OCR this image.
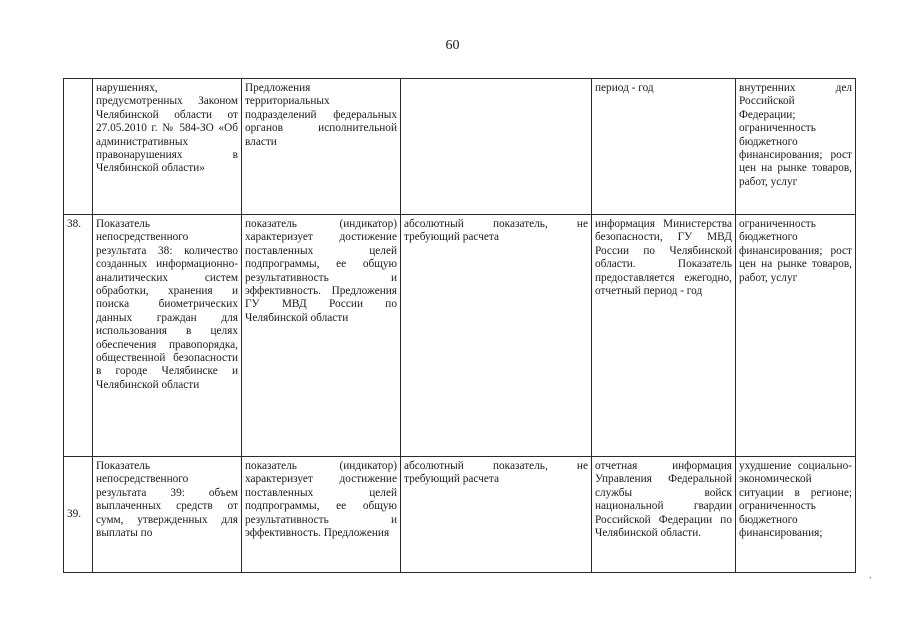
60

	нарушениях, предусмотренных Законом Челябинской области от 27.05.2010 г. № 584-ЗО «Об административных правонарушениях в Челябинской области»	Предложения территориальных подразделений федеральных органов исполнительной власти		период - год	внутренних дел Российской Федерации; ограниченность бюджетного финансирования; рост цен на рынке товаров, работ, услуг

38.	Показатель непосредственного результата 38: количество созданных информационно-аналитических систем обработки, хранения и поиска биометрических данных граждан для использования в целях обеспечения правопорядка, общественной безопасности в городе Челябинске и Челябинской области	показатель (индикатор) характеризует достижение поставленных целей подпрограммы, ее общую результативность и эффективность. Предложения ГУ МВД России по Челябинской области	абсолютный показатель, не требующий расчета	информация Министерства безопасности, ГУ МВД России по Челябинской области. Показатель предоставляется ежегодно, отчетный период - год	ограниченность бюджетного финансирования; рост цен на рынке товаров, работ, услуг

39.	Показатель непосредственного результата 39: объем выплаченных средств от сумм, утвержденных для выплаты по	показатель (индикатор) характеризует достижение поставленных целей подпрограммы, ее общую результативность и эффективность. Предложения	абсолютный показатель, не требующий расчета	отчетная информация Управления Федеральной службы войск национальной гвардии Российской Федерации по Челябинской области.	ухудшение социально-экономической ситуации в регионе; ограниченность бюджетного финансирования;
,
